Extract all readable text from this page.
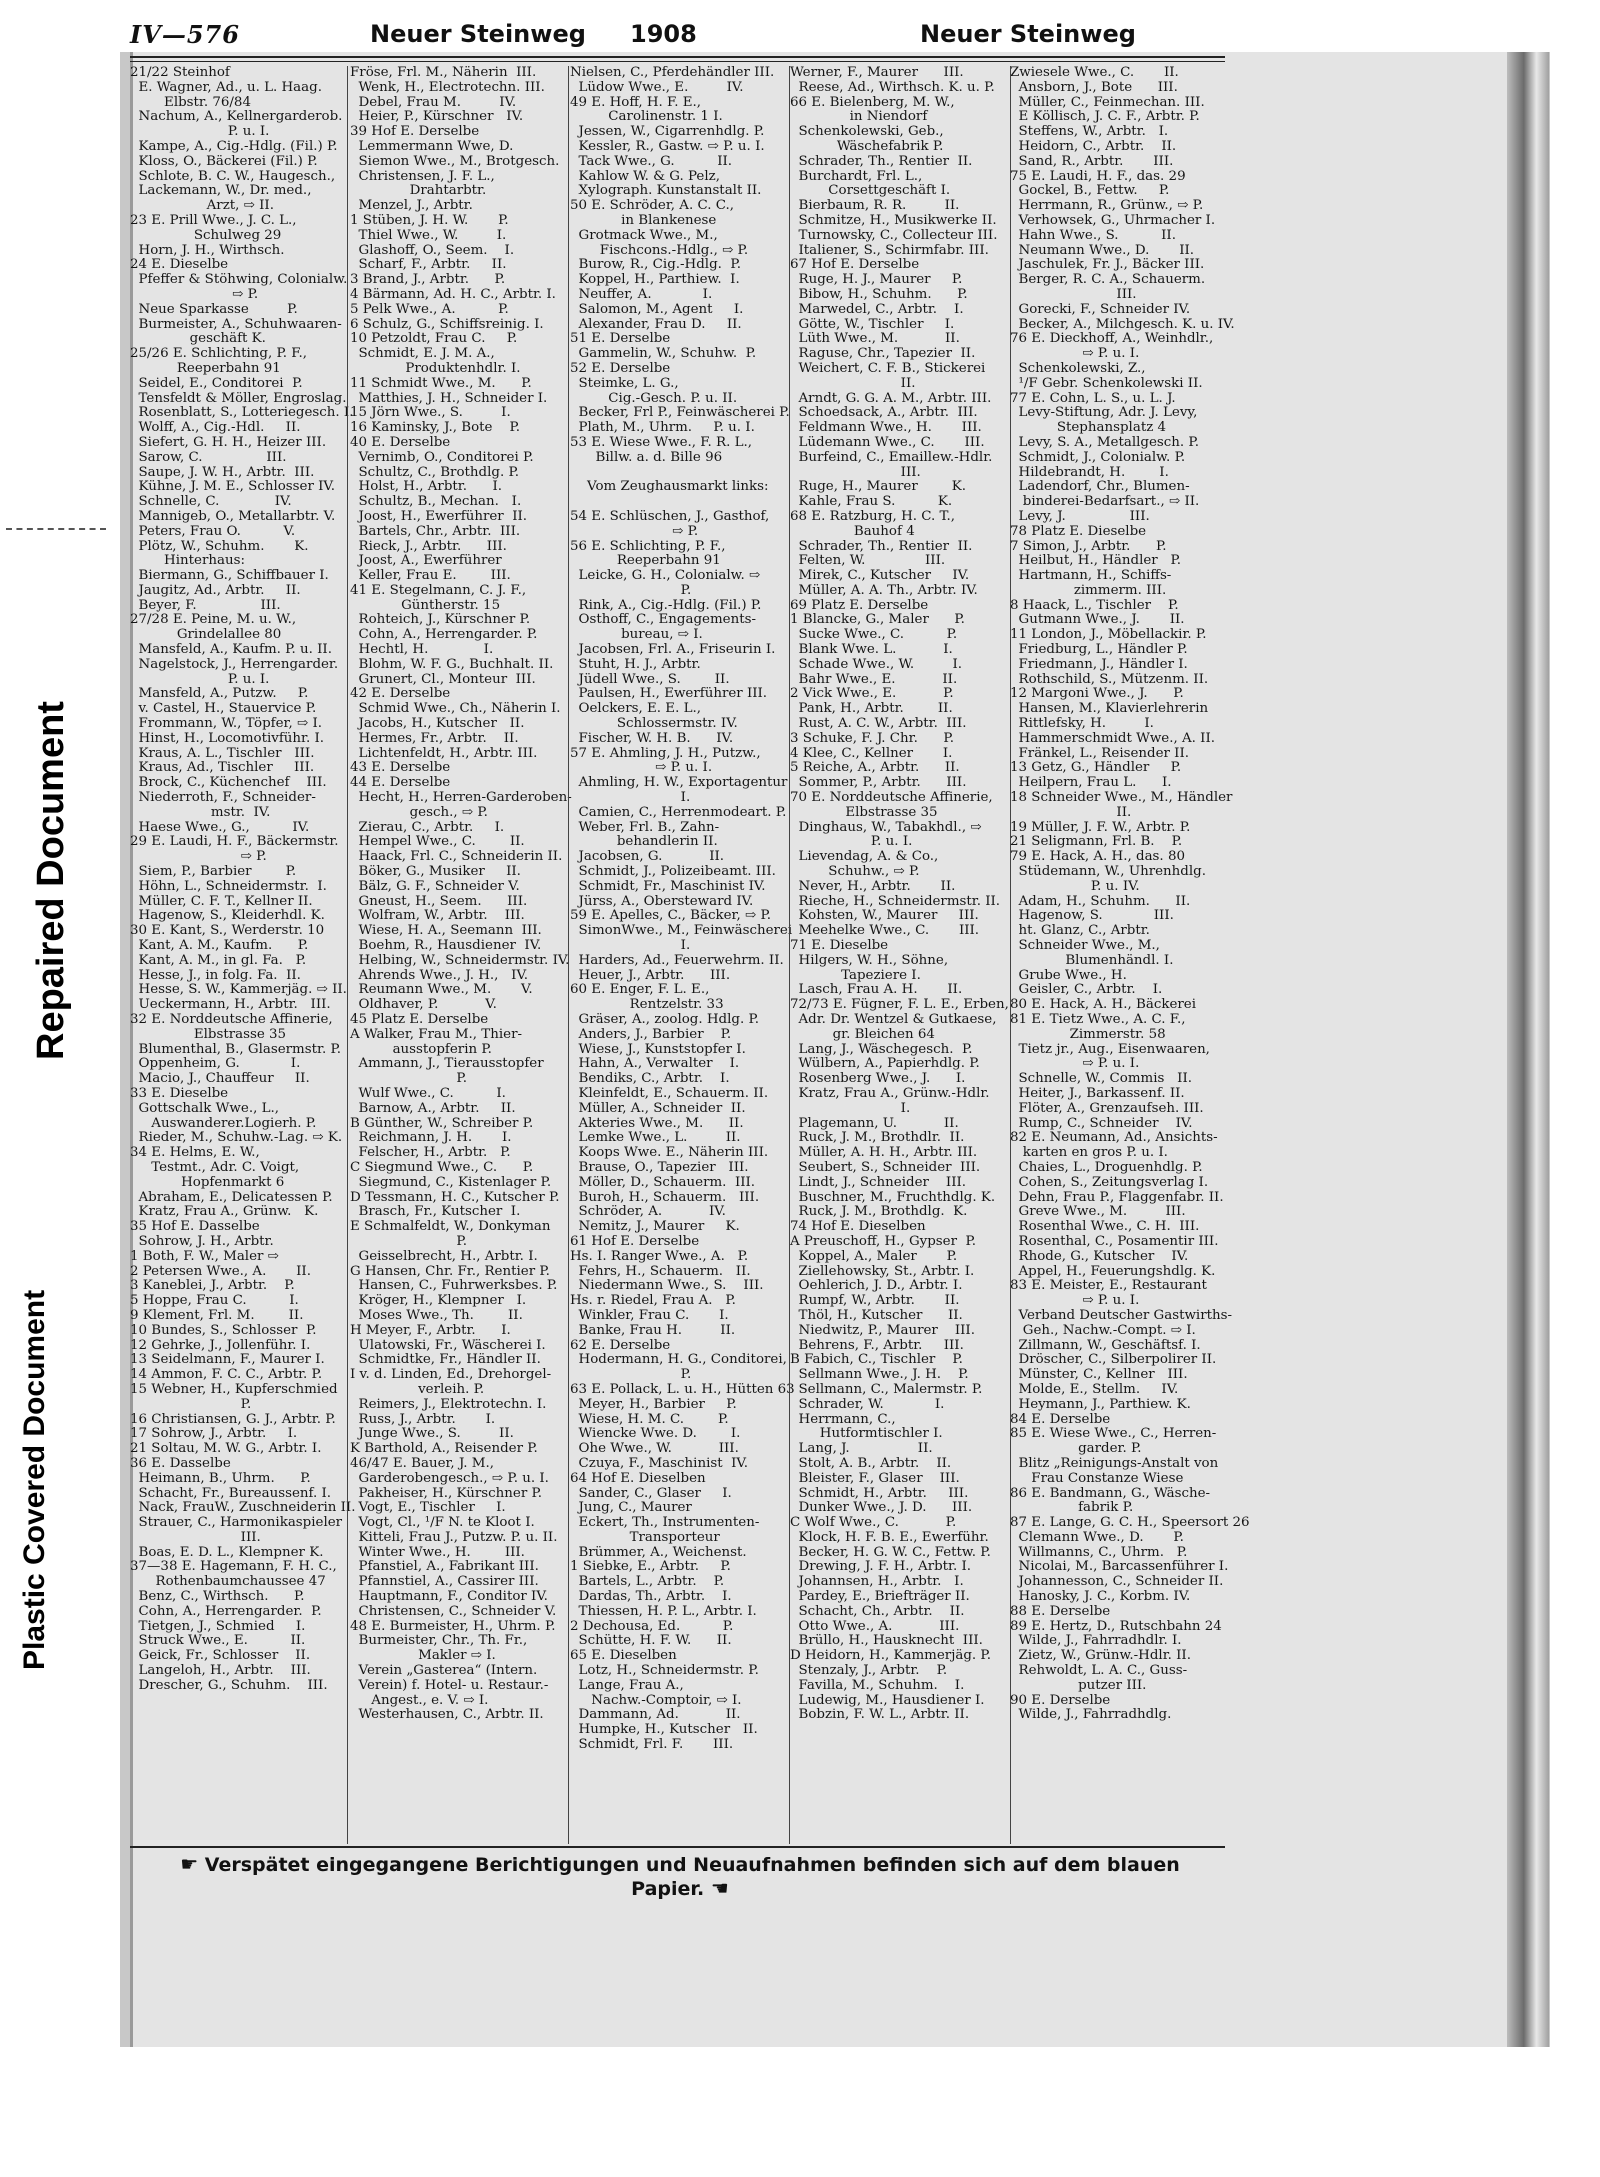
Repaired Document
Plastic Covered Document
IV—576	Neuer Steinweg 1908	Neuer Steinweg
21/22 Steinhof
E. Wagner, Ad., u. L. Haag.
Elbstr. 76/84
Nachum, A., Kellnergarderob.
P. u. I.
Kampe, A., Cig.-Hdlg. (Fil.) P.
Kloss, O., Bäckerei (Fil.) P.
Schlote, B. C. W., Haugesch.,
Lackemann, W., Dr. med.,
Arzt, ⇨ II.
23 E. Prill Wwe., J. C. L.,
Schulweg 29
Horn, J. H., Wirthsch.
24 E. Dieselbe
Pfeffer & Stöhwing, Colonialw.
⇨ P.
Neue Sparkasse         P.
Burmeister, A., Schuhwaaren-
geschäft K.
25/26 E. Schlichting, P. F.,
Reeperbahn 91
Seidel, E., Conditorei  P.
Tensfeldt & Möller, Engroslag.
Rosenblatt, S., Lotteriegesch. I.
Wolff, A., Cig.-Hdl.     II.
Siefert, G. H. H., Heizer III.
Sarow, C.               III.
Saupe, J. W. H., Arbtr.  III.
Kühne, J. M. E., Schlosser IV.
Schnelle, C.             IV.
Mannigeb, O., Metallarbtr. V.
Peters, Frau O.          V.
Plötz, W., Schuhm.       K.
Hinterhaus:
Biermann, G., Schiffbauer I.
Jaugitz, Ad., Arbtr.     II.
Beyer, F.               III.
27/28 E. Peine, M. u. W.,
Grindelallee 80
Mansfeld, A., Kaufm. P. u. II.
Nagelstock, J., Herrengarder.
P. u. I.
Mansfeld, A., Putzw.     P.
v. Castel, H., Stauervice P.
Frommann, W., Töpfer, ⇨ I.
Hinst, H., Locomotivführ. I.
Kraus, A. L., Tischler   III.
Kraus, Ad., Tischler     III.
Brock, C., Küchenchef    III.
Niederroth, F., Schneider-
mstr.  IV.
Haese Wwe., G.,          IV.
29 E. Laudi, H. F., Bäckermstr.
⇨ P.
Siem, P., Barbier        P.
Höhn, L., Schneidermstr.  I.
Müller, C. F. T., Kellner II.
Hagenow, S., Kleiderhdl. K.
30 E. Kant, S., Werderstr. 10
Kant, A. M., Kaufm.      P.
Kant, A. M., in gl. Fa.   P.
Hesse, J., in folg. Fa.  II.
Hesse, S. W., Kammerjäg. ⇨ II.
Ueckermann, H., Arbtr.   III.
32 E. Norddeutsche Affinerie,
Elbstrasse 35
Blumenthal, B., Glasermstr. P.
Oppenheim, G.            I.
Macio, J., Chauffeur     II.
33 E. Dieselbe
Gottschalk Wwe., L.,
Auswanderer.Logierh. P.
Rieder, M., Schuhw.-Lag. ⇨ K.
34 E. Helms, E. W.,
Testmt., Adr. C. Voigt,
Hopfenmarkt 6
Abraham, E., Delicatessen P.
Kratz, Frau A., Grünw.   K.
35 Hof E. Dasselbe
Sohrow, J. H., Arbtr.
1 Both, F. W., Maler ⇨
2 Petersen Wwe., A.       II.
3 Kaneblei, J., Arbtr.    P.
5 Hoppe, Frau C.          I.
9 Klement, Frl. M.        II.
10 Bundes, S., Schlosser  P.
12 Gehrke, J., Jollenführ. I.
13 Seidelmann, F., Maurer I.
14 Ammon, F. C. C., Arbtr. P.
15 Webner, H., Kupferschmied
P.
16 Christiansen, G. J., Arbtr. P.
17 Sohrow, J., Arbtr.     I.
21 Soltau, M. W. G., Arbtr. I.
36 E. Dasselbe
Heimann, B., Uhrm.      P.
Schacht, Fr., Bureaussenf. I.
Nack, FrauW., Zuschneiderin II.
Strauer, C., Harmonikaspieler
III.
Boas, E. D. L., Klempner K.
37—38 E. Hagemann, F. H. C.,
Rothenbaumchaussee 47
Benz, C., Wirthsch.      P.
Cohn, A., Herrengarder.  P.
Tietgen, J., Schmied     I.
Struck Wwe., E.          II.
Geick, Fr., Schlosser    II.
Langeloh, H., Arbtr.    III.
Drescher, G., Schuhm.    III.
Fröse, Frl. M., Näherin  III.
Wenk, H., Electrotechn. III.
Debel, Frau M.         IV.
Heier, P., Kürschner   IV.
39 Hof E. Derselbe
Lemmermann Wwe, D.
Siemon Wwe., M., Brotgesch.
Christensen, J. F. L.,
Drahtarbtr.
Menzel, J., Arbtr.
1 Stüben, J. H. W.       P.
Thiel Wwe., W.         I.
Glashoff, O., Seem.    I.
Scharf, F., Arbtr.     II.
3 Brand, J., Arbtr.      P.
4 Bärmann, Ad. H. C., Arbtr. I.
5 Pelk Wwe., A.          P.
6 Schulz, G., Schiffsreinig. I.
10 Petzoldt, Frau C.     P.
Schmidt, E. J. M. A.,
Produktenhdlr. I.
11 Schmidt Wwe., M.      P.
Matthies, J. H., Schneider I.
15 Jörn Wwe., S.         I.
16 Kaminsky, J., Bote    P.
40 E. Derselbe
Vernimb, O., Conditorei P.
Schultz, C., Brothdlg. P.
Holst, H., Arbtr.      I.
Schultz, B., Mechan.   I.
Joost, H., Ewerführer  II.
Bartels, Chr., Arbtr.  III.
Rieck, J., Arbtr.      III.
Joost, A., Ewerführer
Keller, Frau E.        III.
41 E. Stegelmann, C. J. F.,
Güntherstr. 15
Rohteich, J., Kürschner P.
Cohn, A., Herrengarder. P.
Hechtl, H.             I.
Blohm, W. F. G., Buchhalt. II.
Grunert, Cl., Monteur  III.
42 E. Derselbe
Schmid Wwe., Ch., Näherin I.
Jacobs, H., Kutscher   II.
Hermes, Fr., Arbtr.    II.
Lichtenfeldt, H., Arbtr. III.
43 E. Derselbe
44 E. Derselbe
Hecht, H., Herren-Garderoben-
gesch., ⇨ P.
Zierau, C., Arbtr.     I.
Hempel Wwe., C.        II.
Haack, Frl. C., Schneiderin II.
Böker, G., Musiker     II.
Bälz, G. F., Schneider V.
Gneust, H., Seem.      III.
Wolfram, W., Arbtr.    III.
Wiese, H. A., Seemann  III.
Boehm, R., Hausdiener  IV.
Helbing, W., Schneidermstr. IV.
Ahrends Wwe., J. H.,   IV.
Reumann Wwe., M.       V.
Oldhaver, P.           V.
45 Platz E. Derselbe
A Walker, Frau M., Thier-
ausstopferin P.
Ammann, J., Tierausstopfer
P.
Wulf Wwe., C.          I.
Barnow, A., Arbtr.     II.
B Günther, W., Schreiber P.
Reichmann, J. H.       I.
Felscher, H., Arbtr.   P.
C Siegmund Wwe., C.      P.
Siegmund, C., Kistenlager P.
D Tessmann, H. C., Kutscher P.
Brasch, Fr., Kutscher  I.
E Schmalfeldt, W., Donkyman
P.
Geisselbrecht, H., Arbtr. I.
G Hansen, Chr. Fr., Rentier P.
Hansen, C., Fuhrwerksbes. P.
Kröger, H., Klempner   I.
Moses Wwe., Th.        II.
H Meyer, F., Arbtr.      I.
Ulatowski, Fr., Wäscherei I.
Schmidtke, Fr., Händler II.
I v. d. Linden, Ed., Drehorgel-
verleih. P.
Reimers, J., Elektrotechn. I.
Russ, J., Arbtr.       I.
Junge Wwe., S.         II.
K Barthold, A., Reisender P.
46/47 E. Bauer, J. M.,
Garderobengesch., ⇨ P. u. I.
Pakheiser, H., Kürschner P.
Vogt, E., Tischler     I.
Vogt, Cl., ¹/F N. te Kloot I.
Kitteli, Frau J., Putzw. P. u. II.
Winter Wwe., H.        III.
Pfanstiel, A., Fabrikant III.
Pfannstiel, A., Cassirer III.
Hauptmann, F., Conditor IV.
Christensen, C., Schneider V.
48 E. Burmeister, H., Uhrm. P.
Burmeister, Chr., Th. Fr.,
Makler ⇨ I.
Verein „Gasterea“ (Intern.
Verein) f. Hotel- u. Restaur.-
Angest., e. V. ⇨ I.
Westerhausen, C., Arbtr. II.
Nielsen, C., Pferdehändler III.
Lüdow Wwe., E.         IV.
49 E. Hoff, H. F. E.,
Carolinenstr. 1 I.
Jessen, W., Cigarrenhdlg. P.
Kessler, R., Gastw. ⇨ P. u. I.
Tack Wwe., G.          II.
Kahlow W. & G. Pelz,
Xylograph. Kunstanstalt II.
50 E. Schröder, A. C. C.,
in Blankenese
Grotmack Wwe., M.,
Fischcons.-Hdlg., ⇨ P.
Burow, R., Cig.-Hdlg.  P.
Koppel, H., Parthiew.  I.
Neuffer, A.            I.
Salomon, M., Agent     I.
Alexander, Frau D.     II.
51 E. Derselbe
Gammelin, W., Schuhw.  P.
52 E. Derselbe
Steimke, L. G.,
Cig.-Gesch. P. u. II.
Becker, Frl P., Feinwäscherei P.
Plath, M., Uhrm.     P. u. I.
53 E. Wiese Wwe., F. R. L.,
Billw. a. d. Bille 96

Vom Zeughausmarkt links:

54 E. Schlüschen, J., Gasthof,
⇨ P.
56 E. Schlichting, P. F.,
Reeperbahn 91
Leicke, G. H., Colonialw. ⇨
P.
Rink, A., Cig.-Hdlg. (Fil.) P.
Osthoff, C., Engagements-
bureau, ⇨ I.
Jacobsen, Frl. A., Friseurin I.
Stuht, H. J., Arbtr.
Jüdell Wwe., S.        II.
Paulsen, H., Ewerführer III.
Oelckers, E. E. L.,
Schlossermstr. IV.
Fischer, W. H. B.      IV.
57 E. Ahmling, J. H., Putzw.,
⇨ P. u. I.
Ahmling, H. W., Exportagentur
I.
Camien, C., Herrenmodeart. P.
Weber, Frl. B., Zahn-
behandlerin II.
Jacobsen, G.           II.
Schmidt, J., Polizeibeamt. III.
Schmidt, Fr., Maschinist IV.
Jürss, A., Obersteward IV.
59 E. Apelles, C., Bäcker, ⇨ P.
SimonWwe., M., Feinwäscherei
I.
Harders, Ad., Feuerwehrm. II.
Heuer, J., Arbtr.      III.
60 E. Enger, F. L. E.,
Rentzelstr. 33
Gräser, A., zoolog. Hdlg. P.
Anders, J., Barbier    P.
Wiese, J., Kunststopfer I.
Hahn, A., Verwalter    I.
Bendiks, C., Arbtr.    I.
Kleinfeldt, E., Schauerm. II.
Müller, A., Schneider  II.
Akteries Wwe., M.      II.
Lemke Wwe., L.         II.
Koops Wwe. E., Näherin III.
Brause, O., Tapezier   III.
Möller, D., Schauerm.  III.
Buroh, H., Schauerm.   III.
Schröder, A.           IV.
Nemitz, J., Maurer     K.
61 Hof E. Derselbe
Hs. I. Ranger Wwe., A.   P.
Fehrs, H., Schauerm.   II.
Niedermann Wwe., S.    III.
Hs. r. Riedel, Frau A.   P.
Winkler, Frau C.       I.
Banke, Frau H.         II.
62 E. Derselbe
Hodermann, H. G., Conditorei,
P.
63 E. Pollack, L. u. H., Hütten 63
Meyer, H., Barbier     P.
Wiese, H. M. C.        P.
Wiencke Wwe. D.        I.
Ohe Wwe., W.           III.
Czuya, F., Maschinist  IV.
64 Hof E. Dieselben
Sander, C., Glaser     I.
Jung, C., Maurer
Eckert, Th., Instrumenten-
Transporteur
Brümmer, A., Weichenst.
1 Siebke, E., Arbtr.     P.
Bartels, L., Arbtr.    P.
Dardas, Th., Arbtr.    I.
Thiessen, H. P. L., Arbtr. I.
2 Dechousa, Ed.          P.
Schütte, H. F. W.      II.
65 E. Dieselben
Lotz, H., Schneidermstr. P.
Lange, Frau A.,
Nachw.-Comptoir, ⇨ I.
Dammann, Ad.           II.
Humpke, H., Kutscher   II.
Schmidt, Frl. F.       III.
Werner, F., Maurer      III.
Reese, Ad., Wirthsch. K. u. P.
66 E. Bielenberg, M. W.,
in Niendorf
Schenkolewski, Geb.,
Wäschefabrik P.
Schrader, Th., Rentier  II.
Burchardt, Frl. L.,
Corsettgeschäft I.
Bierbaum, R. R.         II.
Schmitze, H., Musikwerke II.
Turnowsky, C., Collecteur III.
Italiener, S., Schirmfabr. III.
67 Hof E. Derselbe
Ruge, H. J., Maurer     P.
Bibow, H., Schuhm.      P.
Marwedel, C., Arbtr.    I.
Götte, W., Tischler     I.
Lüth Wwe., M.           II.
Raguse, Chr., Tapezier  II.
Weichert, C. F. B., Stickerei
II.
Arndt, G. G. A. M., Arbtr. III.
Schoedsack, A., Arbtr.  III.
Feldmann Wwe., H.       III.
Lüdemann Wwe., C.       III.
Burfeind, C., Emaillew.-Hdlr.
III.
Ruge, H., Maurer        K.
Kahle, Frau S.          K.
68 E. Ratzburg, H. C. T.,
Bauhof 4
Schrader, Th., Rentier  II.
Felten, W.              III.
Mirek, C., Kutscher     IV.
Müller, A. A. Th., Arbtr. IV.
69 Platz E. Derselbe
1 Blancke, G., Maler      P.
Sucke Wwe., C.          P.
Blank Wwe. L.           I.
Schade Wwe., W.         I.
Bahr Wwe., E.           II.
2 Vick Wwe., E.           P.
Pank, H., Arbtr.        II.
Rust, A. C. W., Arbtr.  III.
3 Schuke, F. J. Chr.      P.
4 Klee, C., Kellner       I.
5 Reiche, A., Arbtr.      II.
Sommer, P., Arbtr.      III.
70 E. Norddeutsche Affinerie,
Elbstrasse 35
Dinghaus, W., Tabakhdl., ⇨
P. u. I.
Lievendag, A. & Co.,
Schuhw., ⇨ P.
Never, H., Arbtr.       II.
Rieche, H., Schneidermstr. II.
Kohsten, W., Maurer     III.
Meehelke Wwe., C.       III.
71 E. Dieselbe
Hilgers, W. H., Söhne,
Tapeziere I.
Lasch, Frau A. H.       II.
72/73 E. Fügner, F. L. E., Erben,
Adr. Dr. Wentzel & Gutkaese,
gr. Bleichen 64
Lang, J., Wäschegesch.  P.
Wülbern, A., Papierhdlg. P.
Rosenberg Wwe., J.      I.
Kratz, Frau A., Grünw.-Hdlr.
I.
Plagemann, U.           II.
Ruck, J. M., Brothdlr.  II.
Müller, A. H. H., Arbtr. III.
Seubert, S., Schneider  III.
Lindt, J., Schneider    III.
Buschner, M., Fruchthdlg. K.
Ruck, J. M., Brothdlg.  K.
74 Hof E. Dieselben
A Preuschoff, H., Gypser  P.
Koppel, A., Maler       P.
Ziellehowsky, St., Arbtr. I.
Oehlerich, J. D., Arbtr. I.
Rumpf, W., Arbtr.       II.
Thöl, H., Kutscher      II.
Niedwitz, P., Maurer    III.
Behrens, F., Arbtr.     III.
B Fabich, C., Tischler    P.
Sellmann Wwe., J. H.    P.
Sellmann, C., Malermstr. P.
Schrader, W.            I.
Herrmann, C.,
Hutformtischler I.
Lang, J.                II.
Stolt, A. B., Arbtr.    II.
Bleister, F., Glaser    III.
Schmidt, H., Arbtr.     III.
Dunker Wwe., J. D.      III.
C Wolf Wwe., C.           P.
Klock, H. F. B. E., Ewerführ.
Becker, H. G. W. C., Fettw. P.
Drewing, J. F. H., Arbtr. I.
Johannsen, H., Arbtr.   I.
Pardey, E., Briefträger II.
Schacht, Ch., Arbtr.    II.
Otto Wwe., A.           III.
Brüllo, H., Hausknecht  III.
D Heidorn, H., Kammerjäg. P.
Stenzaly, J., Arbtr.    P.
Favilla, M., Schuhm.    I.
Ludewig, M., Hausdiener I.
Bobzin, F. W. L., Arbtr. II.
Zwiesele Wwe., C.       II.
Ansborn, J., Bote      III.
Müller, C., Feinmechan. III.
E Köllisch, J. C. F., Arbtr. P.
Steffens, W., Arbtr.   I.
Heidorn, C., Arbtr.    II.
Sand, R., Arbtr.       III.
75 E. Laudi, H. F., das. 29
Gockel, B., Fettw.     P.
Herrmann, R., Grünw., ⇨ P.
Verhowsek, G., Uhrmacher I.
Hahn Wwe., S.          II.
Neumann Wwe., D.       II.
Jaschulek, Fr. J., Bäcker III.
Berger, R. C. A., Schauerm.
III.
Gorecki, F., Schneider IV.
Becker, A., Milchgesch. K. u. IV.
76 E. Dieckhoff, A., Weinhdlr.,
⇨ P. u. I.
Schenkolewski, Z.,
¹/F Gebr. Schenkolewski II.
77 E. Cohn, L. S., u. L. J.
Levy-Stiftung, Adr. J. Levy,
Stephansplatz 4
Levy, S. A., Metallgesch. P.
Schmidt, J., Colonialw. P.
Hildebrandt, H.        I.
Ladendorf, Chr., Blumen-
binderei-Bedarfsart., ⇨ II.
Levy, J.               III.
78 Platz E. Dieselbe
7 Simon, J., Arbtr.      P.
Heilbut, H., Händler   P.
Hartmann, H., Schiffs-
zimmerm. III.
8 Haack, L., Tischler    P.
Gutmann Wwe., J.       II.
11 London, J., Möbellackir. P.
Friedburg, L., Händler P.
Friedmann, J., Händler I.
Rothschild, S., Mützenm. II.
12 Margoni Wwe., J.      P.
Hansen, M., Klavierlehrerin
Rittlefsky, H.         I.
Hammerschmidt Wwe., A. II.
Fränkel, L., Reisender II.
13 Getz, G., Händler     P.
Heilpern, Frau L.      I.
18 Schneider Wwe., M., Händler
II.
19 Müller, J. F. W., Arbtr. P.
21 Seligmann, Frl. B.    P.
79 E. Hack, A. H., das. 80
Stüdemann, W., Uhrenhdlg.
P. u. IV.
Adam, H., Schuhm.      II.
Hagenow, S.            III.
ht. Glanz, C., Arbtr.
Schneider Wwe., M.,
Blumenhändl. I.
Grube Wwe., H.
Geisler, C., Arbtr.    I.
80 E. Hack, A. H., Bäckerei
81 E. Tietz Wwe., A. C. F.,
Zimmerstr. 58
Tietz jr., Aug., Eisenwaaren,
⇨ P. u. I.
Schnelle, W., Commis   II.
Heiter, J., Barkassenf. II.
Flöter, A., Grenzaufseh. III.
Rump, C., Schneider    IV.
82 E. Neumann, Ad., Ansichts-
karten en gros P. u. I.
Chaies, L., Droguenhdlg. P.
Cohen, S., Zeitungsverlag I.
Dehn, Frau P., Flaggenfabr. II.
Greve Wwe., M.         III.
Rosenthal Wwe., C. H.  III.
Rosenthal, C., Posamentir III.
Rhode, G., Kutscher    IV.
Appel, H., Feuerungshdlg. K.
83 E. Meister, E., Restaurant
⇨ P. u. I.
Verband Deutscher Gastwirths-
Geh., Nachw.-Compt. ⇨ I.
Zillmann, W., Geschäftsf. I.
Dröscher, C., Silberpolirer II.
Münster, C., Kellner   III.
Molde, E., Stellm.     IV.
Heymann, J., Parthiew. K.
84 E. Derselbe
85 E. Wiese Wwe., C., Herren-
garder. P.
Blitz „Reinigungs-Anstalt von
Frau Constanze Wiese
86 E. Bandmann, G., Wäsche-
fabrik P.
87 E. Lange, G. C. H., Speersort
Clemann Wwe., D.       P.
Willmanns, C., Uhrm.   P.
Nicolai, M., Barcassenführer I.
Johannesson, C., Schneider II.
Hanosky, J. C., Korbm. IV.
88 E. Derselbe
89 E. Hertz, D., Rutschbahn 24
Wilde, J., Fahrradhdlr. I.
Zietz, W., Grünw.-Hdlr. II.
Rehwoldt, L. A. C., Guss-
putzer III.
90 E. Derselbe
Wilde, J., Fahrradhdlg.
☛ Verspätet eingegangene Berichtigungen und Neuaufnahmen befinden sich auf dem blauen Papier. ☚
